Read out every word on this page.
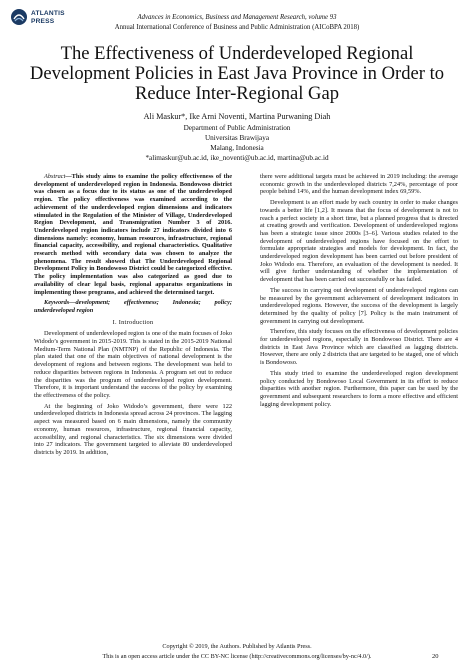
ATLANTIS
PRESS
Advances in Economics, Business and Management Research, volume 93
Annual International Conference of Business and Public Administration (AICoBPA 2018)
The Effectiveness of Underdeveloped Regional Development Policies in East Java Province in Order to Reduce Inter-Regional Gap
Ali Maskur*, Ike Arni Noventi, Martina Purwaning Diah
Department of Public Administration
Universitas Brawijaya
Malang, Indonesia
*alimaskur@ub.ac.id, ike_noventi@ub.ac.id, martina@ub.ac.id

Abstract—This study aims to examine the policy effectiveness of the development of underdeveloped region in Indonesia. Bondowoso district was chosen as a focus due to its status as one of the underdeveloped region. The policy effectiveness was examined according to the achievement of the underdeveloped region dimensions and indicators stimulated in the Regulation of the Minister of Village, Underdeveloped Region Development, and Transmigration Number 3 of 2016. Underdeveloped region indicators include 27 indicators divided into 6 dimensions namely: economy, human resources, infrastructure, regional financial capacity, accessibility, and regional characteristics. Qualitative research method with secondary data was chosen to analyze the phenomena. The result showed that The Underdeveloped Regional Development Policy in Bondowoso District could be categorized effective. The policy implementation was also categorized as good due to availability of clear legal basis, regional apparatus organizations in implementing those programs, and achieved the determined target.

Keywords—development; effectiveness; Indonesia; policy; underdeveloped region

I. Introduction

Development of underdeveloped region is one of the main focuses of Joko Widodo’s government in 2015-2019. This is stated in the 2015-2019 National Medium-Term National Plan (NMTNP) of the Republic of Indonesia. The plan stated that one of the main objectives of national development is the development of regions and between regions. The development was held to reduce disparities between regions in Indonesia. A program set out to reduce the disparities was the program of underdeveloped region development. Therefore, it is important understand the success of the policy by examining the effectiveness of the policy.

At the beginning of Joko Widodo’s government, there were 122 underdeveloped districts in Indonesia spread across 24 provinces. The lagging aspect was measured based on 6 main dimensions, namely the community economy, human resources, infrastructure, regional financial capacity, accessibility, and regional characteristics. The six dimensions were divided into 27 indicators. The government targeted to alleviate 80 underdeveloped districts by 2019. In addition,

there were additional targets must be achieved in 2019 including: the average economic growth in the underdeveloped districts 7,24%, percentage of poor people behind 14%, and the human development index 69,59%.

Development is an effort made by each country in order to make changes towards a better life [1,2]. It means that the focus of development is not to reach a perfect society in a short time, but a planned progress that is directed at creating growth and verification. Development of underdeveloped regions has been a strategic issue since 2000s [3–6]. Various studies related to the development of underdeveloped regions have focused on the effort to formulate appropriate strategies and models for development. In fact, the underdeveloped region development has been carried out before president of Joko Widodo era. Therefore, an evaluation of the development is needed. It will give further understanding of whether the implementation of development that has been carried out successfully or has failed.

The success in carrying out development of underdeveloped regions can be measured by the government achievement of development indicators in underdeveloped regions. However, the success of the development is largely determined by the quality of policy [7]. Policy is the main instrument of government in carrying out development.

Therefore, this study focuses on the effectiveness of development policies for underdeveloped regions, especially in Bondowoso District. There are 4 districts in East Java Province which are classified as lagging districts. However, there are only 2 districts that are targeted to be staged, one of which is Bondowoso.

This study tried to examine the underdeveloped region development policy conducted by Bondowoso Local Government in its effort to reduce disparities with another region. Furthermore, this paper can be used by the government and subsequent researchers to form a more effective and efficient lagging development policy.

Copyright © 2019, the Authors. Published by Atlantis Press.
This is an open access article under the CC BY-NC license (http://creativecommons.org/licenses/by-nc/4.0/).	20
